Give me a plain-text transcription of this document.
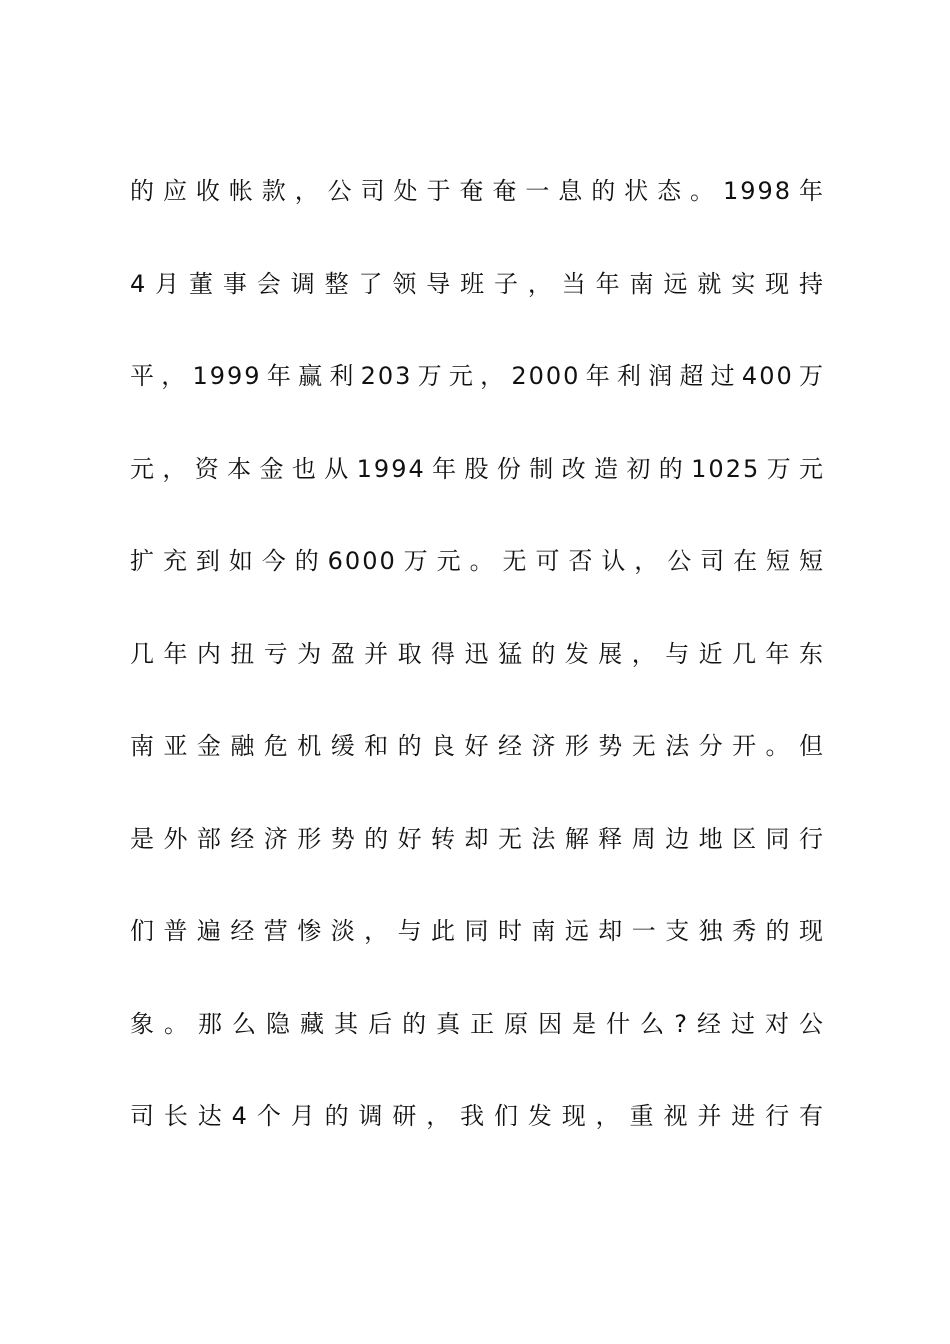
的应收帐款，公司处于奄奄一息的状态。1998年
4月董事会调整了领导班子，当年南远就实现持
平，1999年赢利203万元，2000年利润超过400万
元，资本金也从1994年股份制改造初的1025万元
扩充到如今的6000万元。无可否认，公司在短短
几年内扭亏为盈并取得迅猛的发展，与近几年东
南亚金融危机缓和的良好经济形势无法分开。但
是外部经济形势的好转却无法解释周边地区同行
们普遍经营惨淡，与此同时南远却一支独秀的现
象。那么隐藏其后的真正原因是什么?经过对公
司长达4个月的调研，我们发现，重视并进行有
